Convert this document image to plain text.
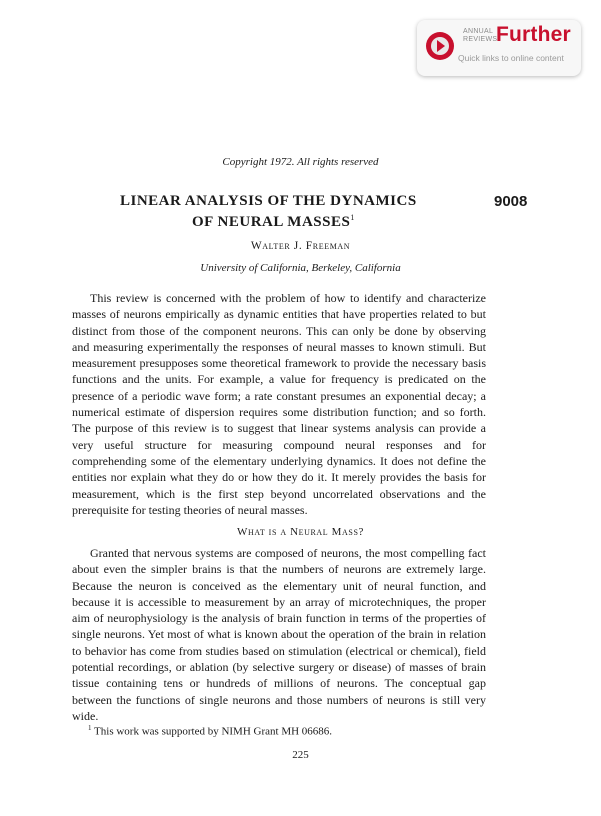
ANNUAL
REVIEWS
Further
Quick links to online content
Copyright 1972. All rights reserved
LINEAR ANALYSIS OF THE DYNAMICS
OF NEURAL MASSES$^1$
9008
Walter J. Freeman
University of California, Berkeley, California

This review is concerned with the problem of how to identify and characterize masses of neurons empirically as dynamic entities that have properties related to but distinct from those of the component neurons. This can only be done by observing and measuring experimentally the responses of neural masses to known stimuli. But measurement presupposes some theoretical framework to provide the necessary basis functions and the units. For example, a value for frequency is predicated on the presence of a periodic wave form; a rate constant presumes an exponential decay; a numerical estimate of dispersion requires some distribution function; and so forth. The purpose of this review is to suggest that linear systems analysis can provide a very useful structure for measuring compound neural responses and for comprehending some of the elementary underlying dynamics. It does not define the entities nor explain what they do or how they do it. It merely provides the basis for measurement, which is the first step beyond uncorrelated observations and the prerequisite for testing theories of neural masses.

What is a Neural Mass?

Granted that nervous systems are composed of neurons, the most compelling fact about even the simpler brains is that the numbers of neurons are extremely large. Because the neuron is conceived as the elementary unit of neural function, and because it is accessible to measurement by an array of microtechniques, the proper aim of neurophysiology is the analysis of brain function in terms of the properties of single neurons. Yet most of what is known about the operation of the brain in relation to behavior has come from studies based on stimulation (electrical or chemical), field potential recordings, or ablation (by selective surgery or disease) of masses of brain tissue containing tens or hundreds of millions of neurons. The conceptual gap between the functions of single neurons and those numbers of neurons is still very wide.

$^1$ This work was supported by NIMH Grant MH 06686.
225
